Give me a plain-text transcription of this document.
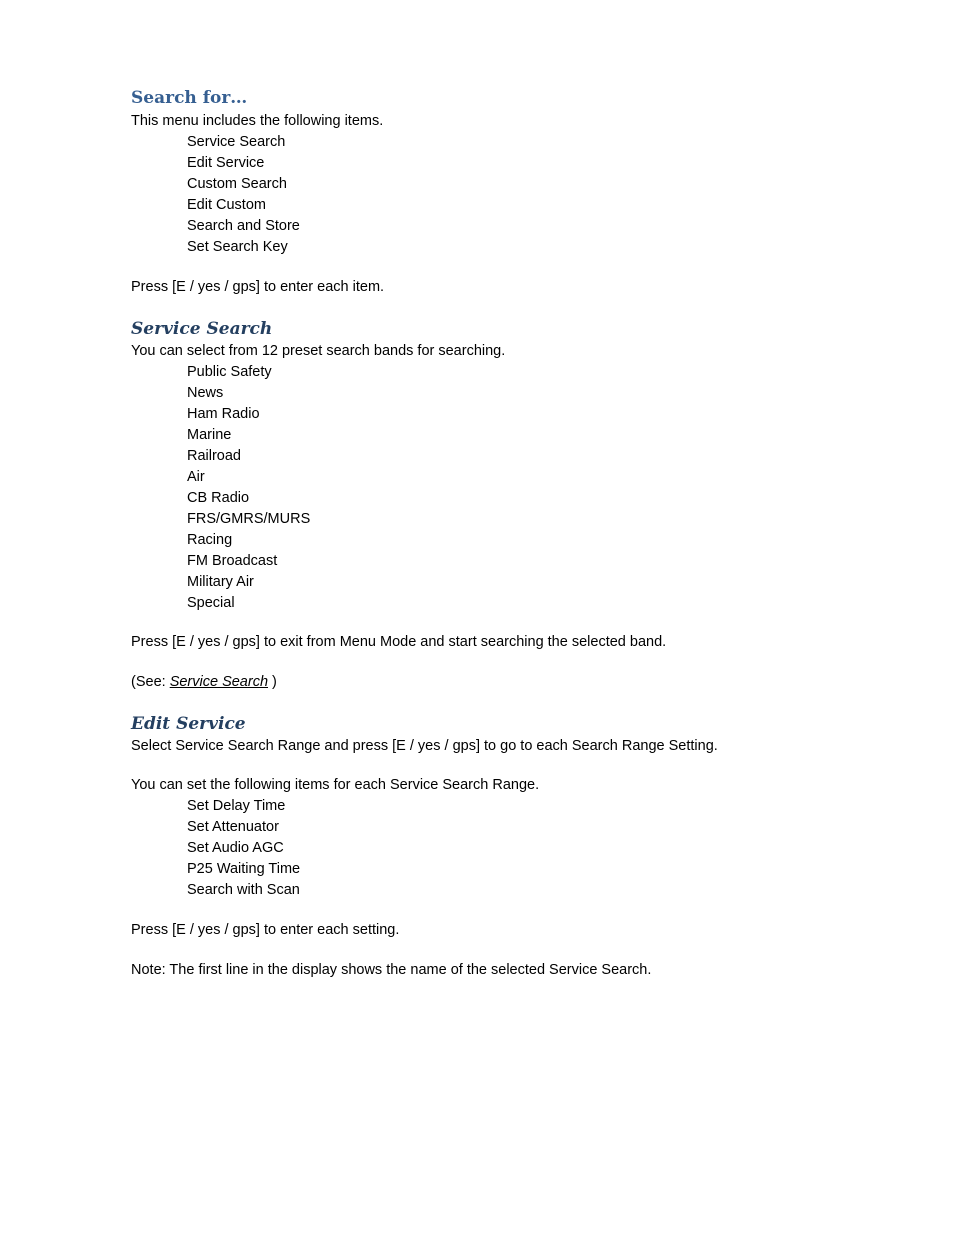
Search for…
This menu includes the following items.
Service Search
Edit Service
Custom Search
Edit Custom
Search and Store
Set Search Key
Press [E / yes / gps] to enter each item.
Service Search
You can select from 12 preset search bands for searching.
Public Safety
News
Ham Radio
Marine
Railroad
Air
CB Radio
FRS/GMRS/MURS
Racing
FM Broadcast
Military Air
Special
Press [E / yes / gps] to exit from Menu Mode and start searching the selected band.
(See: Service Search )
Edit Service
Select Service Search Range and press [E / yes / gps] to go to each Search Range Setting.
You can set the following items for each Service Search Range.
Set Delay Time
Set Attenuator
Set Audio AGC
P25 Waiting Time
Search with Scan
Press [E / yes / gps] to enter each setting.
Note: The first line in the display shows the name of the selected Service Search.
